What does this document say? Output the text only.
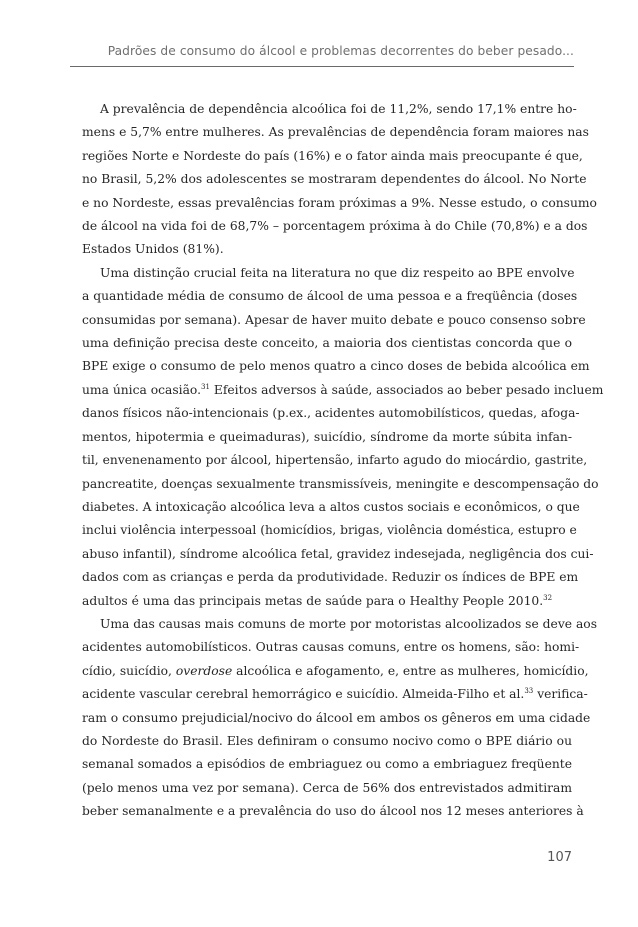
Padrões de consumo do álcool e problemas decorrentes do beber pesado...
A prevalência de dependência alcoólica foi de 11,2%, sendo 17,1% entre ho-
mens e 5,7% entre mulheres. As prevalências de dependência foram maiores nas
regiões Norte e Nordeste do país (16%) e o fator ainda mais preocupante é que,
no Brasil, 5,2% dos adolescentes se mostraram dependentes do álcool. No Norte
e no Nordeste, essas prevalências foram próximas a 9%. Nesse estudo, o consumo
de álcool na vida foi de 68,7% – porcentagem próxima à do Chile (70,8%) e a dos
Estados Unidos (81%).
Uma distinção crucial feita na literatura no que diz respeito ao BPE envolve
a quantidade média de consumo de álcool de uma pessoa e a freqüência (doses
consumidas por semana). Apesar de haver muito debate e pouco consenso sobre
uma definição precisa deste conceito, a maioria dos cientistas concorda que o
BPE exige o consumo de pelo menos quatro a cinco doses de bebida alcoólica em
uma única ocasião.$^{31}$ Efeitos adversos à saúde, associados ao beber pesado incluem
danos físicos não-intencionais (p.ex., acidentes automobilísticos, quedas, afoga-
mentos, hipotermia e queimaduras), suicídio, síndrome da morte súbita infan-
til, envenenamento por álcool, hipertensão, infarto agudo do miocárdio, gastrite,
pancreatite, doenças sexualmente transmissíveis, meningite e descompensação do
diabetes. A intoxicação alcoólica leva a altos custos sociais e econômicos, o que
inclui violência interpessoal (homicídios, brigas, violência doméstica, estupro e
abuso infantil), síndrome alcoólica fetal, gravidez indesejada, negligência dos cui-
dados com as crianças e perda da produtividade. Reduzir os índices de BPE em
adultos é uma das principais metas de saúde para o Healthy People 2010.32
Uma das causas mais comuns de morte por motoristas alcoolizados se deve aos
acidentes automobilísticos. Outras causas comuns, entre os homens, são: homi-
cídio, suicídio, overdose alcoólica e afogamento, e, entre as mulheres, homicídio,
acidente vascular cerebral hemorrágico e suicídio. Almeida-Filho et al.$^{33}$ verifica-
ram o consumo prejudicial/nocivo do álcool em ambos os gêneros em uma cidade
do Nordeste do Brasil. Eles definiram o consumo nocivo como o BPE diário ou
semanal somados a episódios de embriaguez ou como a embriaguez freqüente
(pelo menos uma vez por semana). Cerca de 56% dos entrevistados admitiram
beber semanalmente e a prevalência do uso do álcool nos 12 meses anteriores à
107
